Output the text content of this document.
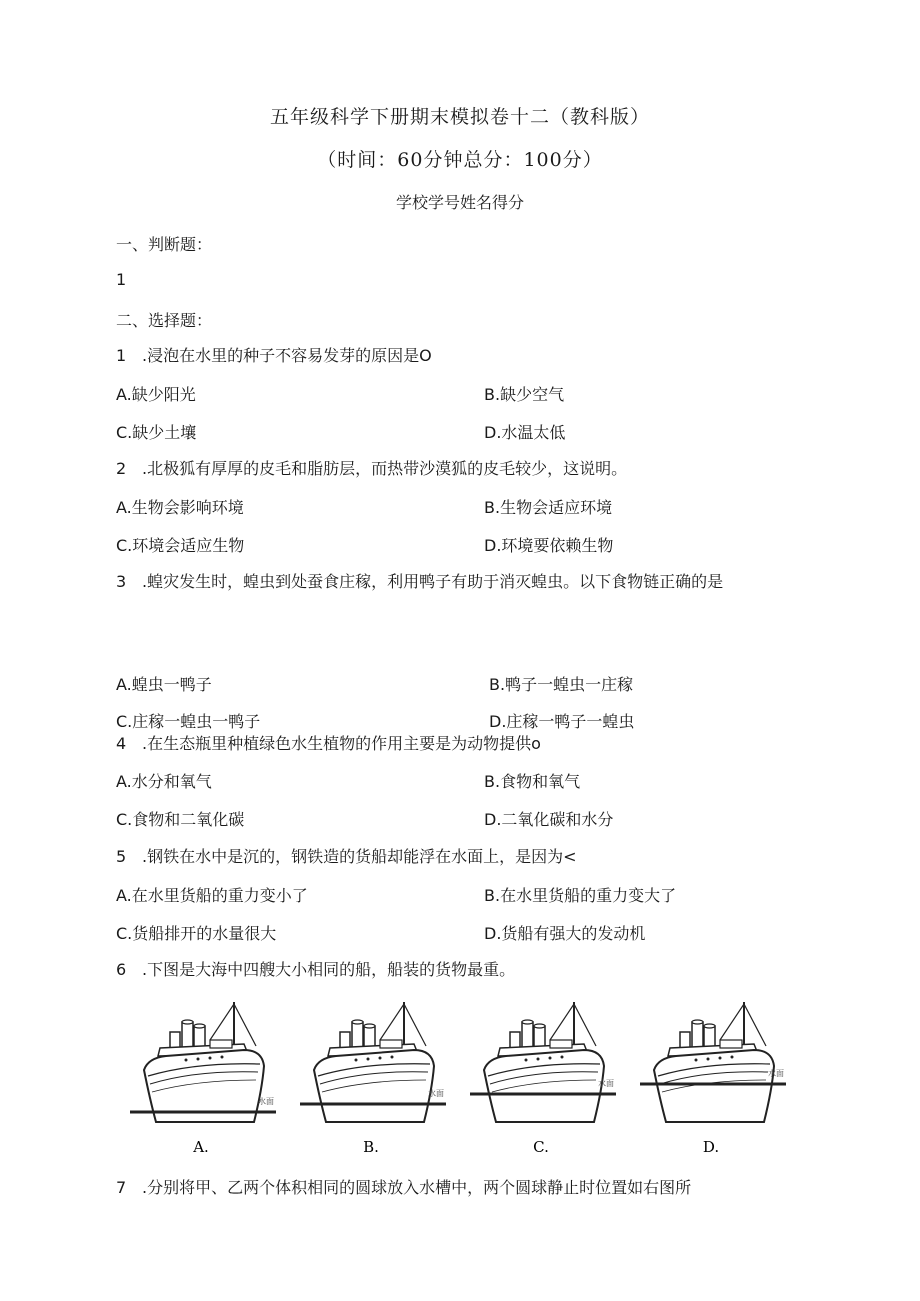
五年级科学下册期末模拟卷十二（教科版）
（时间：60分钟总分：100分）
学校学号姓名得分
一、判断题：
1
二、选择题：
1 .浸泡在水里的种子不容易发芽的原因是O
A.缺少阳光	B.缺少空气
C.缺少土壤	D.水温太低
2 .北极狐有厚厚的皮毛和脂肪层，而热带沙漠狐的皮毛较少，这说明。
A.生物会影响环境	B.生物会适应环境
C.环境会适应生物	D.环境要依赖生物
3 .蝗灾发生时，蝗虫到处蚕食庄稼，利用鸭子有助于消灭蝗虫。以下食物链正确的是
A.蝗虫一鸭子	B.鸭子一蝗虫一庄稼
C.庄稼一蝗虫一鸭子	D.庄稼一鸭子一蝗虫
4 .在生态瓶里种植绿色水生植物的作用主要是为动物提供o
A.水分和氧气	B.食物和氧气
C.食物和二氧化碳	D.二氧化碳和水分
5 .钢铁在水中是沉的，钢铁造的货船却能浮在水面上，是因为<
A.在水里货船的重力变小了	B.在水里货船的重力变大了
C.货船排开的水量很大	D.货船有强大的发动机
6 .下图是大海中四艘大小相同的船，船装的货物最重。
水面
水面
水面
水面
A.	B.	C.	D.
7 .分别将甲、乙两个体积相同的圆球放入水槽中，两个圆球静止时位置如右图所
